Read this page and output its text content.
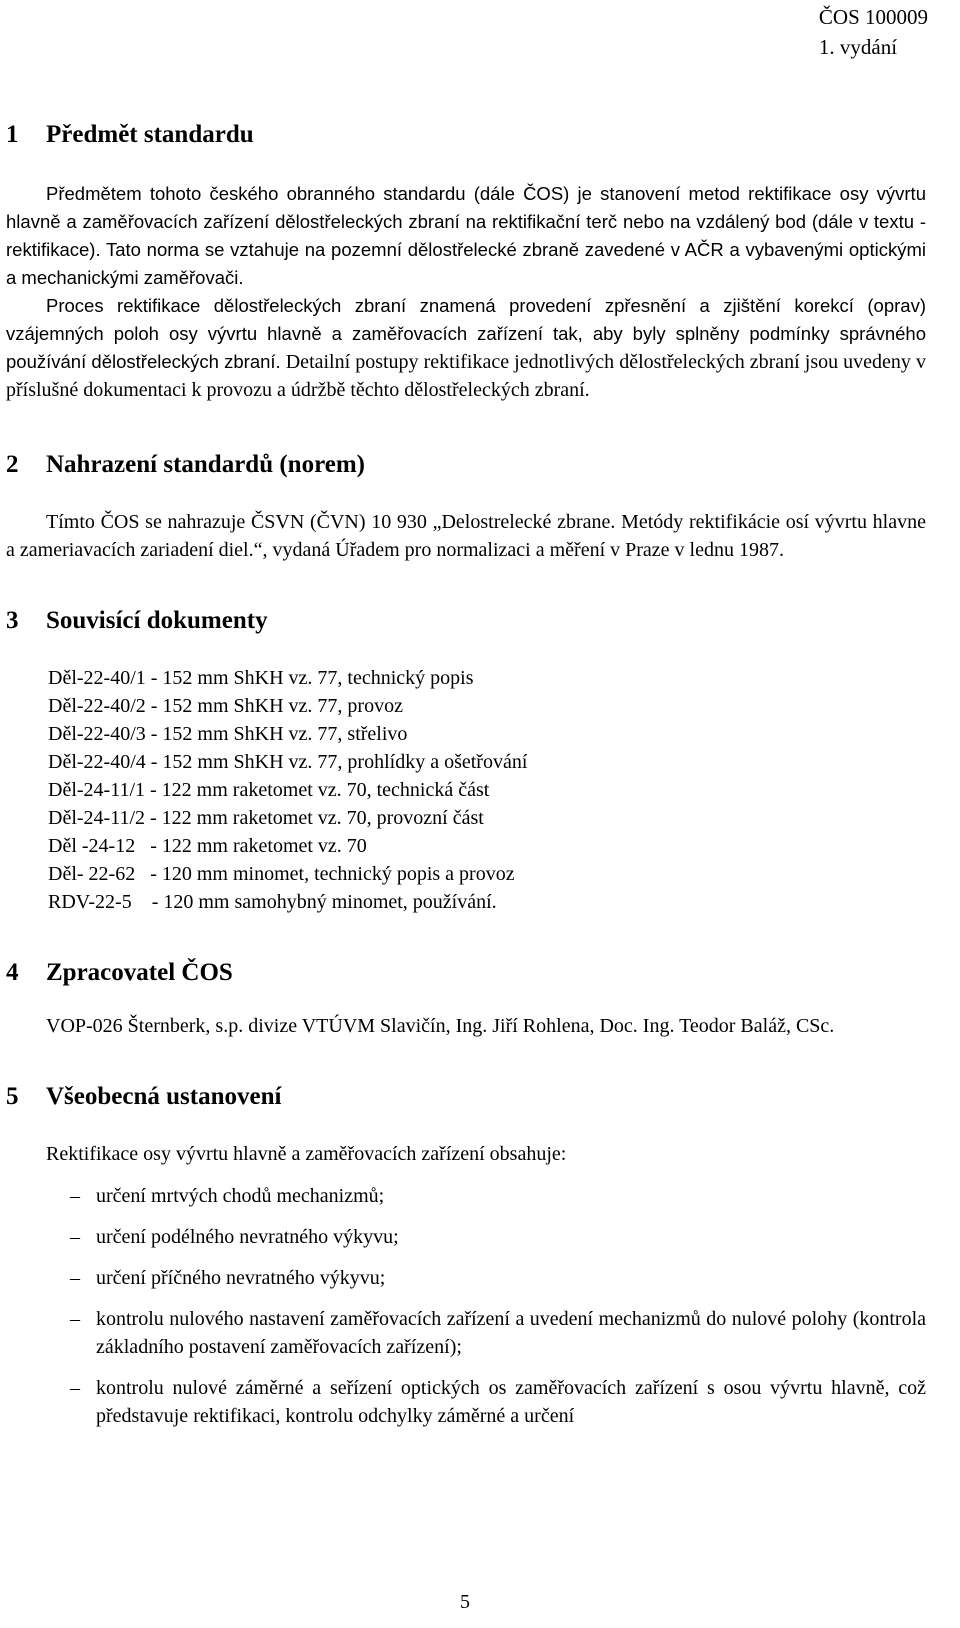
ČOS 100009
1. vydání
1 Předmět standardu

Předmětem tohoto českého obranného standardu (dále ČOS) je stanovení metod rektifikace osy vývrtu hlavně a zaměřovacích zařízení dělostřeleckých zbraní na rektifikační terč nebo na vzdálený bod (dále v textu - rektifikace). Tato norma se vztahuje na pozemní dělostřelecké zbraně zavedené v AČR a vybavenými optickými a mechanickými zaměřovači.

Proces rektifikace dělostřeleckých zbraní znamená provedení zpřesnění a zjištění korekcí (oprav) vzájemných poloh osy vývrtu hlavně a zaměřovacích zařízení tak, aby byly splněny podmínky správného používání dělostřeleckých zbraní. Detailní postupy rektifikace jednotlivých dělostřeleckých zbraní jsou uvedeny v příslušné dokumentaci k provozu a údržbě těchto dělostřeleckých zbraní.

2 Nahrazení standardů (norem)

Tímto ČOS se nahrazuje ČSVN (ČVN) 10 930 „Delostrelecké zbrane. Metódy rektifikácie osí vývrtu hlavne a zameriavacích zariadení diel.“, vydaná Úřadem pro normalizaci a měření v Praze v lednu 1987.

3 Souvisící dokumenty
Děl-22-40/1 - 152 mm ShKH vz. 77, technický popis
Děl-22-40/2 - 152 mm ShKH vz. 77, provoz
Děl-22-40/3 - 152 mm ShKH vz. 77, střelivo
Děl-22-40/4 - 152 mm ShKH vz. 77, prohlídky a ošetřování
Děl-24-11/1 - 122 mm raketomet vz. 70, technická část
Děl-24-11/2 - 122 mm raketomet vz. 70, provozní část
Děl -24-12   - 122 mm raketomet vz. 70
Děl- 22-62   - 120 mm minomet, technický popis a provoz
RDV-22-5    - 120 mm samohybný minomet, používání.
4 Zpracovatel ČOS

VOP-026 Šternberk, s.p. divize VTÚVM Slavičín, Ing. Jiří Rohlena, Doc. Ing. Teodor Baláž, CSc.

5 Všeobecná ustanovení

Rektifikace osy vývrtu hlavně a zaměřovacích zařízení obsahuje:

– určení mrtvých chodů mechanizmů;
– určení podélného nevratného výkyvu;
– určení příčného nevratného výkyvu;
– kontrolu nulového nastavení zaměřovacích zařízení a uvedení mechanizmů do nulové polohy (kontrola základního postavení zaměřovacích zařízení);
– kontrolu nulové záměrné a seřízení optických os zaměřovacích zařízení s osou vývrtu hlavně, což představuje rektifikaci, kontrolu odchylky záměrné a určení
5
